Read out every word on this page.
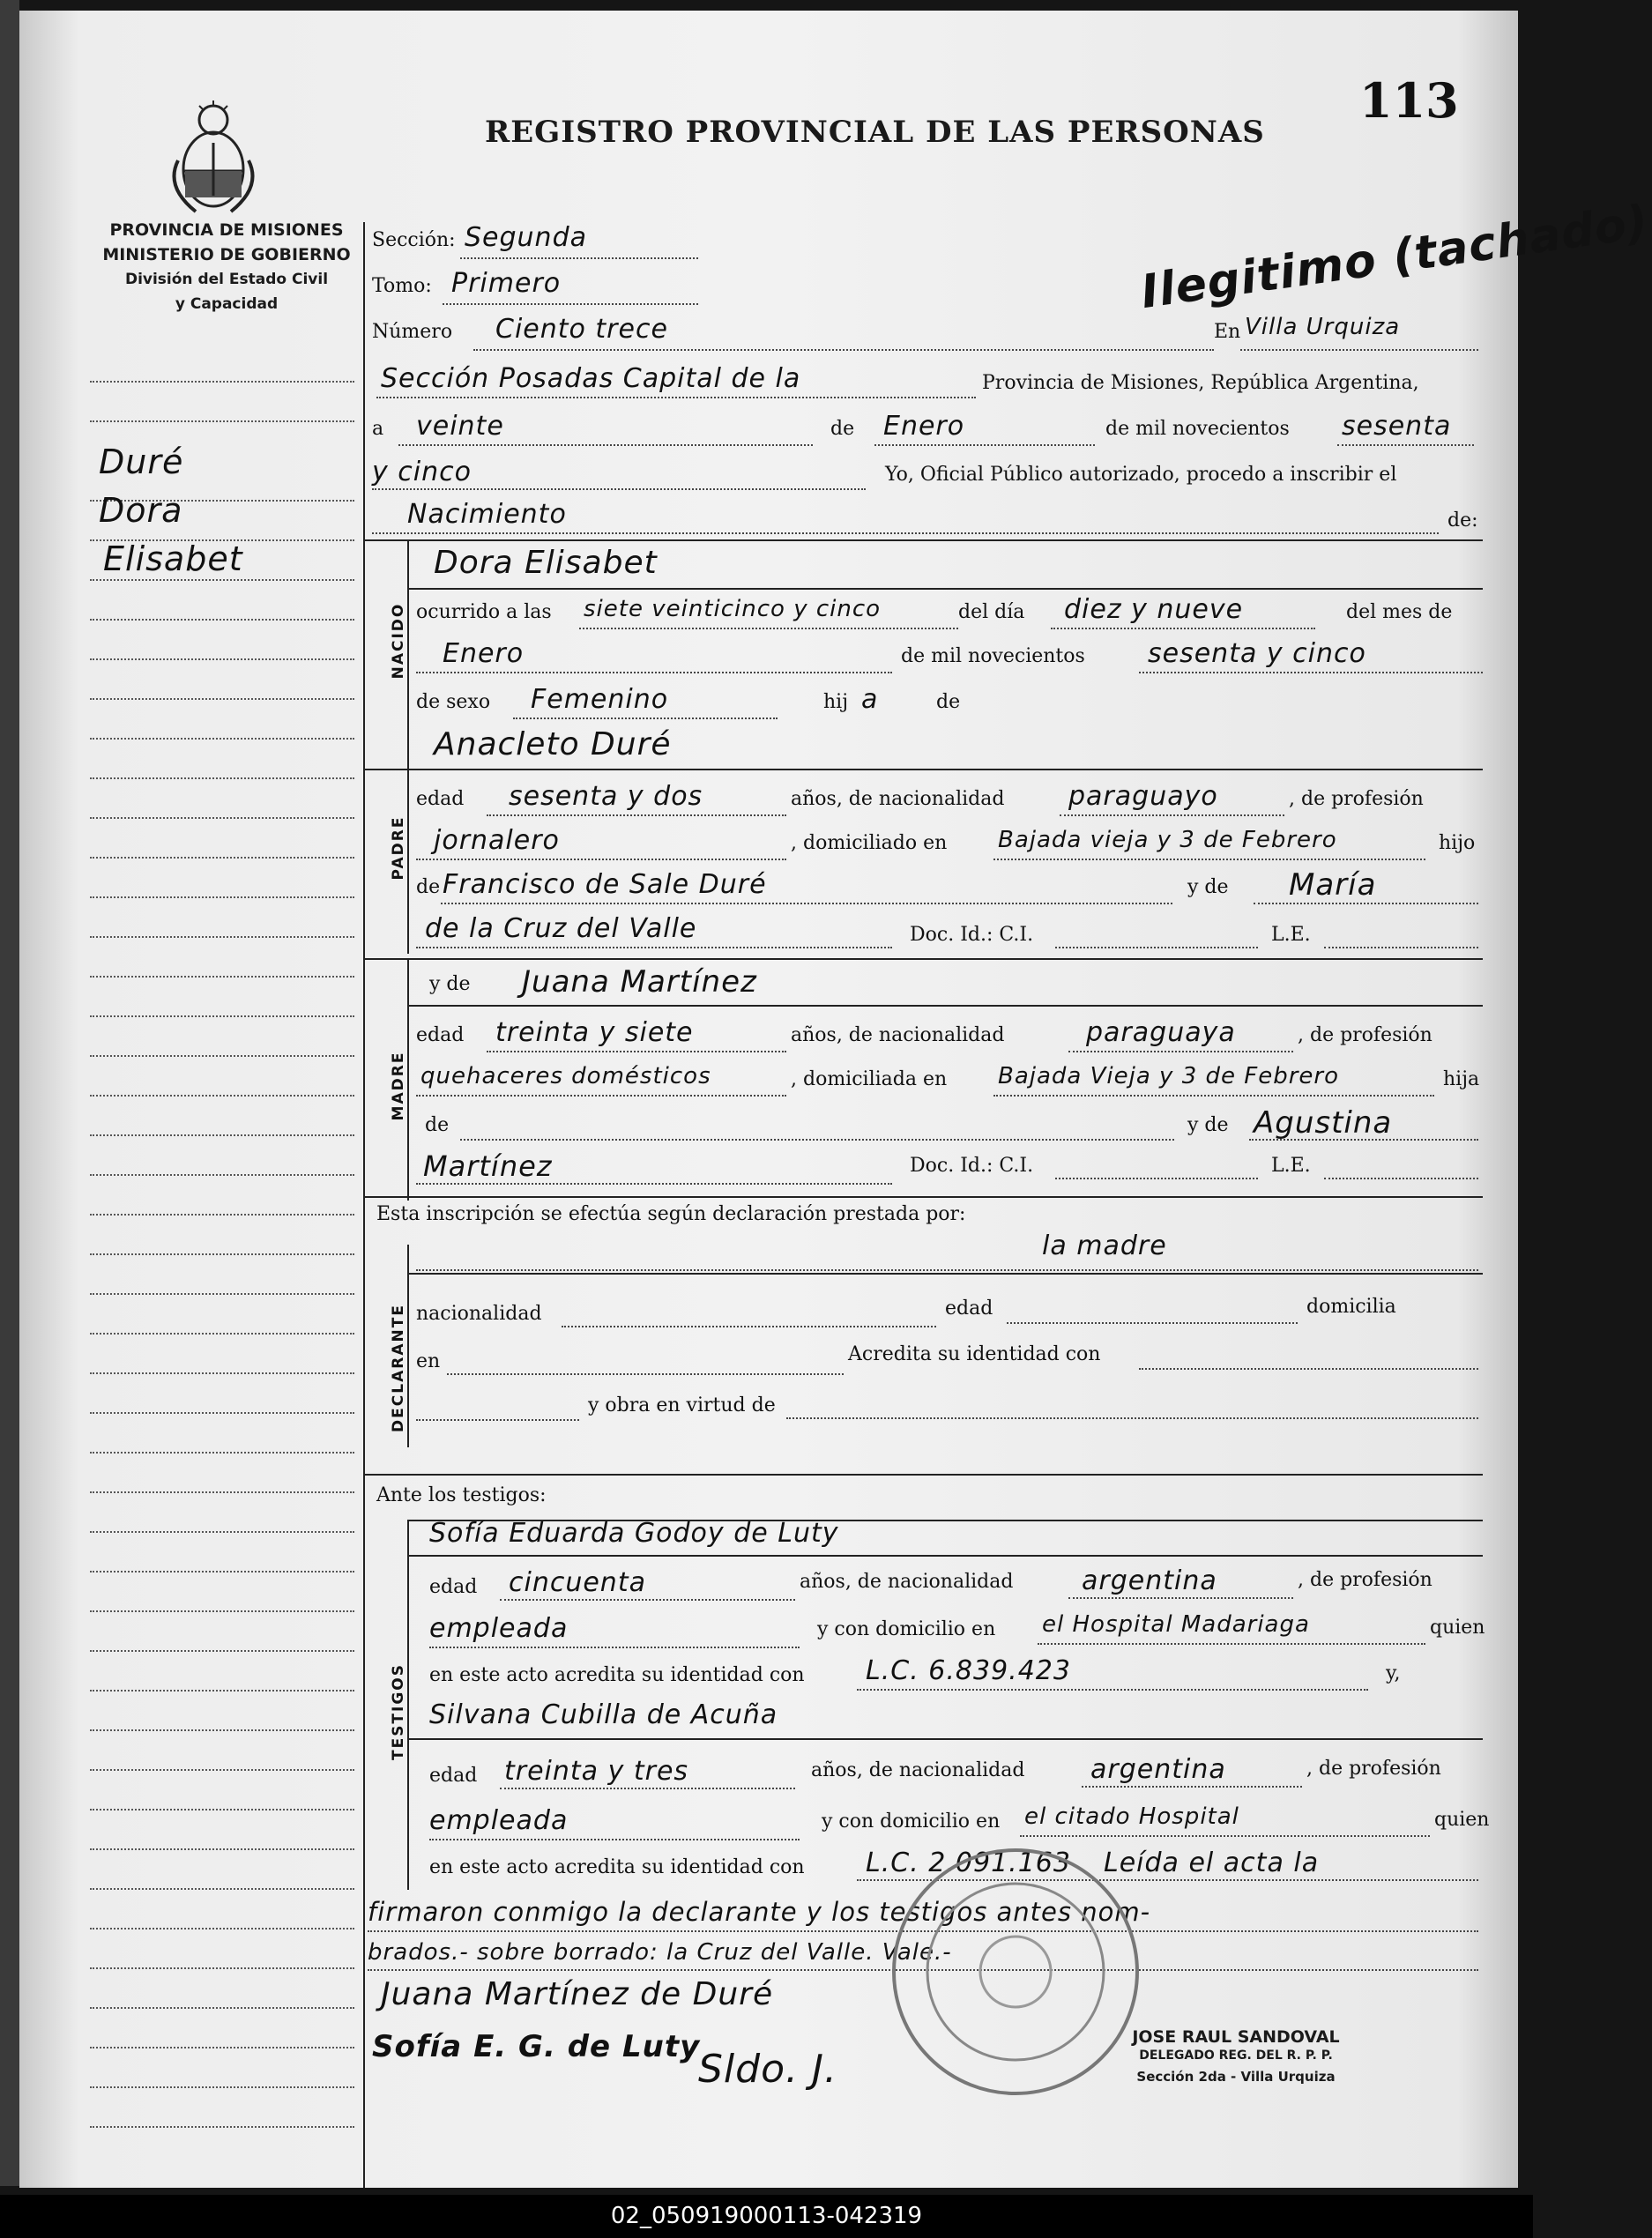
113
REGISTRO PROVINCIAL DE LAS PERSONAS
PROVINCIA DE MISIONES
MINISTERIO DE GOBIERNO
División del Estado Civil
y Capacidad
Duré
Dora
Elisabet
Sección: Segunda
Tomo: Primero
Número Ciento trece	En Villa Urquiza
Ilegitimo (tachado)
Sección Posadas Capital de la	Provincia de Misiones, República Argentina,
a veinte	de Enero	de mil novecientos sesenta
y cinco	Yo, Oficial Público autorizado, procedo a inscribir el
Nacimiento	de:
NACIDO
Dora Elisabet
ocurrido a las siete veinticinco y cinco	del día diez y nueve	del mes de
Enero	de mil novecientos sesenta y cinco
de sexo Femenino	hij a	de
PADRE
Anacleto Duré
edad sesenta y dos	años, de nacionalidad paraguayo	, de profesión
jornalero	, domiciliado en Bajada vieja y 3 de Febrero	hijo
de Francisco de Sale Duré	y de María
de la Cruz del Valle	Doc. Id.: C.I.	L.E.
y de Juana Martínez
MADRE
edad treinta y siete	años, de nacionalidad	paraguaya	, de profesión
quehaceres domésticos	, domiciliada en Bajada Vieja y 3 de Febrero	hija
de	y de Agustina
Martínez	Doc. Id.: C.I.	L.E.
Esta inscripción se efectúa según declaración prestada por:
la madre
DECLARANTE nacionalidad	edad	domicilia
en	Acredita su identidad con
y obra en virtud de
Ante los testigos:
TESTIGOS
Sofía Eduarda Godoy de Luty
edad cincuenta	años, de nacionalidad	argentina	, de profesión
empleada	y con domicilio en el Hospital Madariaga	quien
en este acto acredita su identidad con L.C. 6.839.423	y,
Silvana Cubilla de Acuña
edad treinta y tres	años, de nacionalidad argentina	, de profesión
empleada	y con domicilio en el citado Hospital	quien
en este acto acredita su identidad con L.C. 2.091.163 Leída el acta la
firmaron conmigo la declarante y los testigos antes nom-
brados.- sobre borrado: la Cruz del Valle. Vale.-
Juana Martínez de Duré
Sofía E. G. de Luty
Sldo. J.
JOSE RAUL SANDOVAL
DELEGADO REG. DEL R. P. P.
Sección 2da - Villa Urquiza
02_050919000113-042319
